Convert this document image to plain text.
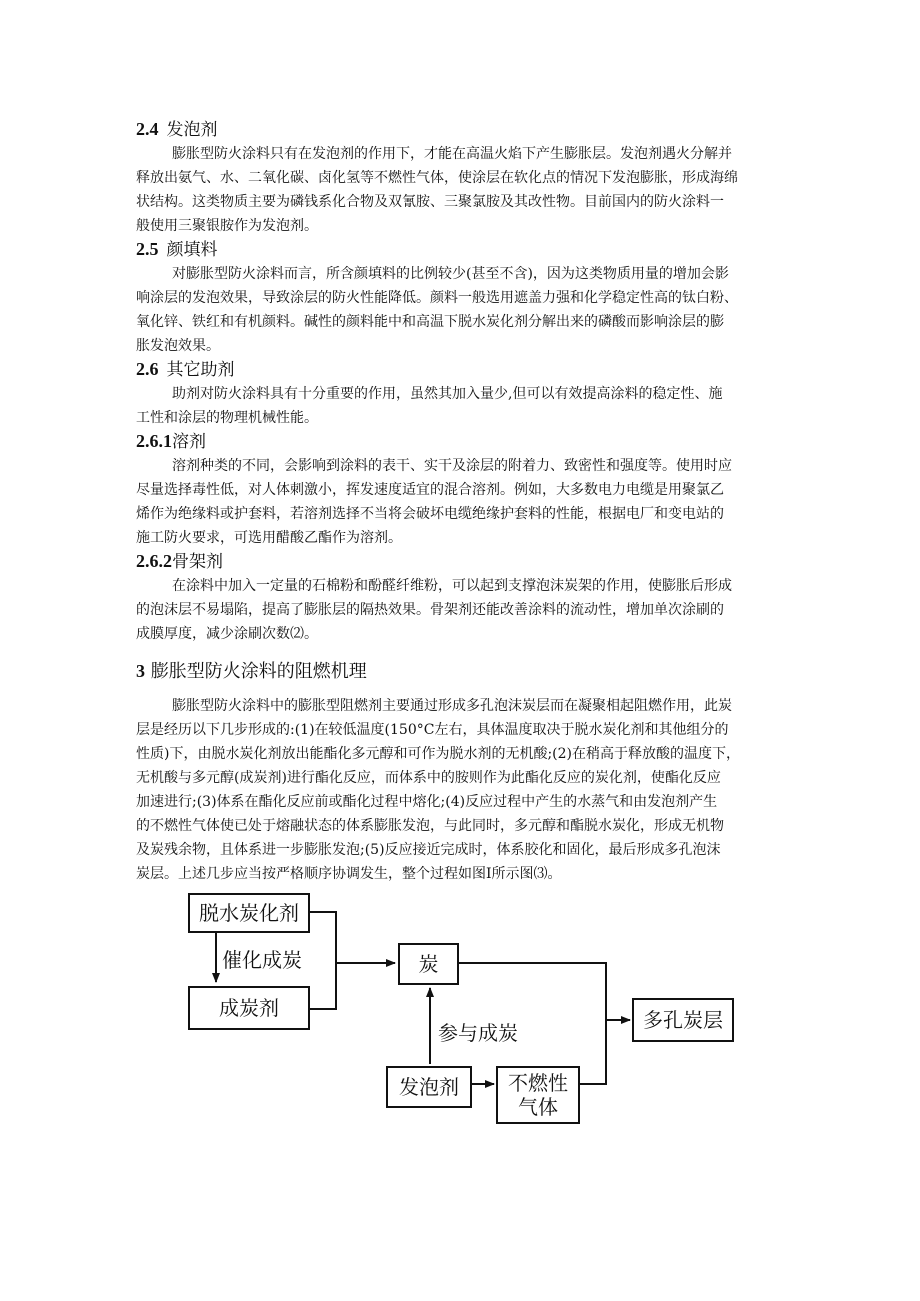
2.4 发泡剂

膨胀型防火涂料只有在发泡剂的作用下，才能在高温火焰下产生膨胀层。发泡剂遇火分解并
释放出氨气、水、二氧化碳、卤化氢等不燃性气体，使涂层在软化点的情况下发泡膨胀，形成海绵
状结构。这类物质主要为磷钱系化合物及双氰胺、三聚氯胺及其改性物。目前国内的防火涂料一
般使用三聚银胺作为发泡剂。

2.5 颜填料

对膨胀型防火涂料而言，所含颜填料的比例较少(甚至不含)，因为这类物质用量的增加会影
响涂层的发泡效果，导致涂层的防火性能降低。颜料一般选用遮盖力强和化学稳定性高的钛白粉、
氧化锌、铁红和有机颜料。碱性的颜料能中和高温下脱水炭化剂分解出来的磷酸而影响涂层的膨
胀发泡效果。

2.6 其它助剂

助剂对防火涂料具有十分重要的作用，虽然其加入量少,但可以有效提高涂料的稳定性、施
工性和涂层的物理机械性能。

2.6.1溶剂

溶剂种类的不同，会影响到涂料的表干、实干及涂层的附着力、致密性和强度等。使用时应
尽量选择毒性低，对人体刺激小，挥发速度适宜的混合溶剂。例如，大多数电力电缆是用聚氯乙
烯作为绝缘料或护套料，若溶剂选择不当将会破坏电缆绝缘护套料的性能，根据电厂和变电站的
施工防火要求，可选用醋酸乙酯作为溶剂。

2.6.2骨架剂

在涂料中加入一定量的石棉粉和酚醛纤维粉，可以起到支撑泡沫炭架的作用，使膨胀后形成
的泡沫层不易塌陷，提高了膨胀层的隔热效果。骨架剂还能改善涂料的流动性，增加单次涂刷的
成膜厚度，减少涂刷次数⑵。

3 膨胀型防火涂料的阻燃机理

膨胀型防火涂料中的膨胀型阻燃剂主要通过形成多孔泡沫炭层而在凝聚相起阻燃作用，此炭
层是经历以下几步形成的:(1)在较低温度(150°C左右，具体温度取决于脱水炭化剂和其他组分的
性质)下，由脱水炭化剂放出能酯化多元醇和可作为脱水剂的无机酸;(2)在稍高于释放酸的温度下，
无机酸与多元醇(成炭剂)进行酯化反应，而体系中的胺则作为此酯化反应的炭化剂，使酯化反应
加速进行;(3)体系在酯化反应前或酯化过程中熔化;(4)反应过程中产生的水蒸气和由发泡剂产生
的不燃性气体使已处于熔融状态的体系膨胀发泡，与此同时，多元醇和酯脱水炭化，形成无机物
及炭残余物，且体系进一步膨胀发泡;(5)反应接近完成时，体系胶化和固化，最后形成多孔泡沫
炭层。上述几步应当按严格顺序协调发生，整个过程如图I所示图⑶。

脱水炭化剂
催化成炭
成炭剂
炭
参与成炭
发泡剂 不燃性
气体
多孔炭层
